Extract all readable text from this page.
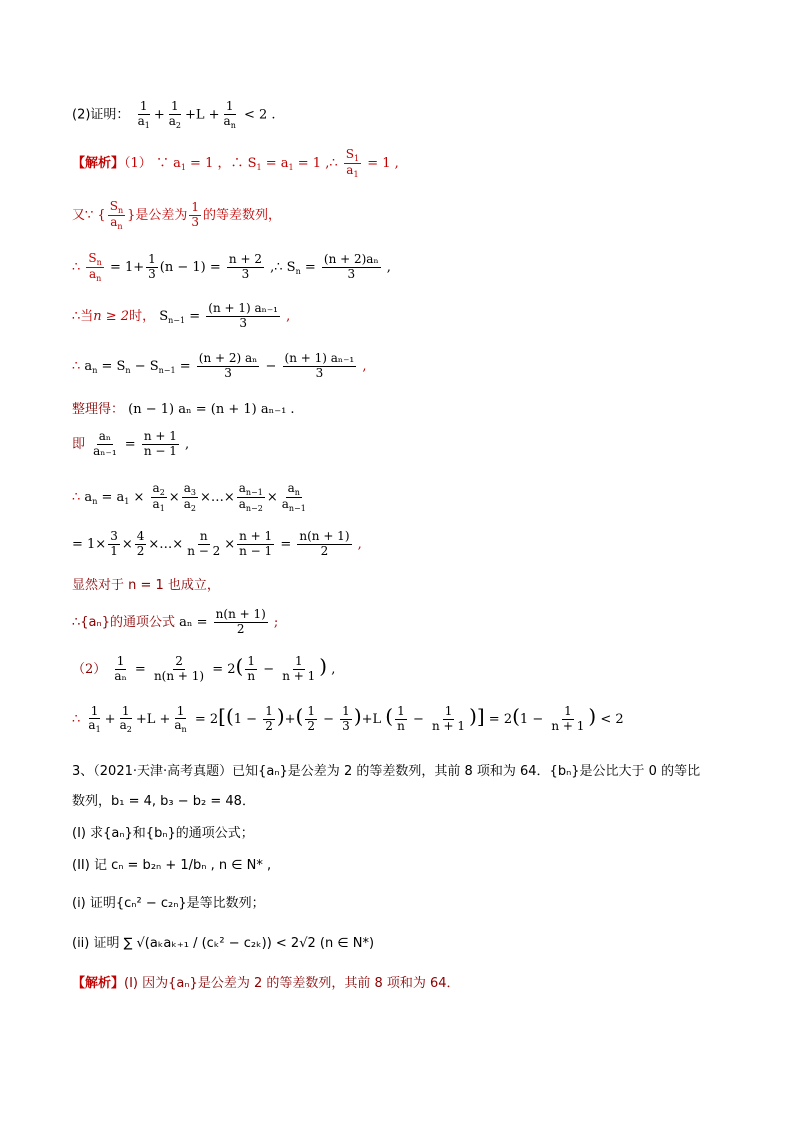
(2)证明： $\frac{1}{a_1} + \frac{1}{a_2} +L + \frac{1}{a_n} < 2$ .
【解析】（1） ∵ $a_1 = 1$ ，∴ $S_1 = a_1 = 1$ ,∴ $\frac{S_1}{a_1} = 1$ ,
又∵ { $\frac{S_n}{a_n}$ }是公差为 $\frac{1}{3}$ 的等差数列，
∴ $\frac{S_n}{a_n} = 1+ \frac{1}{3} (n - 1) = \frac{n + 2}{3}$ ,∴ $S_n = \frac{\text{(n + 2)aₙ}}{3}$ ,
∴当n ≥ 2时， $S_{n-1} = \frac{\text{(n + 1) aₙ₋₁}}{3}$ ,
∴ $a_n = S_n - S_{n-1} = \frac{\text{(n + 2) aₙ}}{3} - \frac{\text{(n + 1) aₙ₋₁}}{3}$ ,
整理得： (n − 1) aₙ = (n + 1) aₙ₋₁ .
即 $\frac{\text{aₙ}}{\text{aₙ₋₁}} = \frac{n + 1}{n - 1}$ ,
∴ $a_n = a_1 \times \frac{a_2}{a_1} \times \frac{a_3}{a_2}$ ×…× $\frac{a_{n-1}}{a_{n-2}} \times \frac{a_n}{a_{n-1}}$
= $1\times \frac{3}{1} \times \frac{4}{2}$ ×…× $\frac{n}{n - 2} \times \frac{n + 1}{n - 1} = \frac{n(n + 1)}{2}$ ,
显然对于 n = 1 也成立，
∴{aₙ}的通项公式 $a_n = \frac{n(n + 1)}{2}$ ;
$(2) \frac{1}{\text{aₙ}} = \frac{2}{n(n + 1)} = 2( \frac{1}{n} - \frac{1}{n + 1}$ ) ,
∴ $\frac{1}{a_1} + \frac{1}{a_2} +L + \frac{1}{a_n} = 2[(1 - \frac{1}{2}$ )+( $\frac{1}{2} - \frac{1}{3} )+L$ ( $\frac{1}{n} - \frac{1}{n + 1}$ )] = $2(1 - \frac{1}{n + 1}$ ) < 2
3、（2021·天津·高考真题）已知{aₙ}是公差为 2 的等差数列，其前 8 项和为 64．{bₙ}是公比大于 0 的等比
数列，b₁ = 4, b₃ − b₂ = 48．
(I) 求{aₙ}和{bₙ}的通项公式；
(II) 记 cₙ = b₂ₙ + 1/bₙ , n ∈ N* ,
(i) 证明{cₙ² − c₂ₙ}是等比数列；
(ii) 证明 ∑ √(aₖaₖ₊₁ / (cₖ² − c₂ₖ)) < 2√2 (n ∈ N*)
【解析】(I) 因为{aₙ}是公差为 2 的等差数列，其前 8 项和为 64．
